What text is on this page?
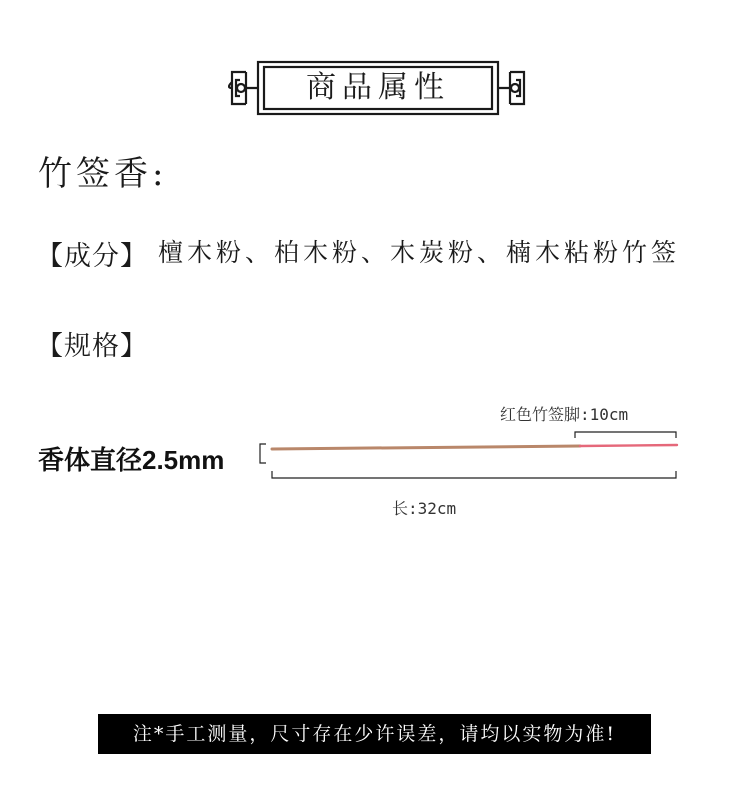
商品属性
竹签香:
【成分】 檀木粉、柏木粉、木炭粉、楠木粘粉竹签
【规格】
香体直径2.5mm
红色竹签脚:10cm
长:32cm
注*手工测量，尺寸存在少许误差，请均以实物为准!
